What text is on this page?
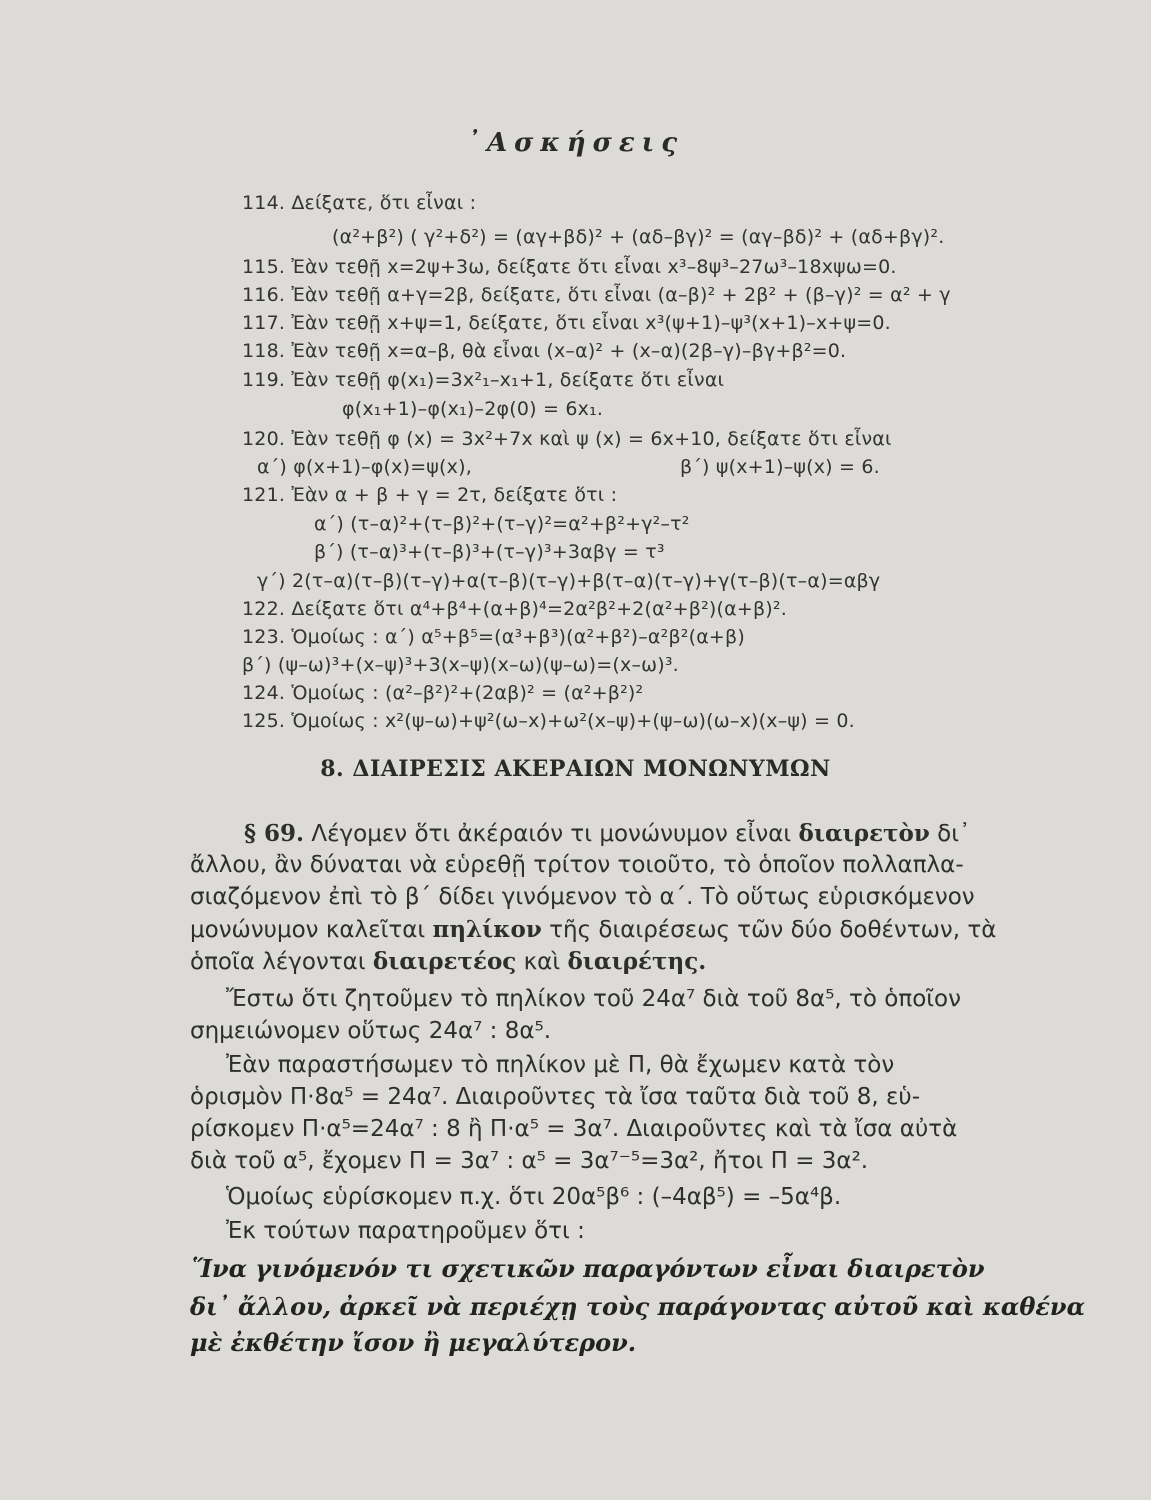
᾽Ασκήσεις
114. Δείξατε, ὅτι εἶναι :
(α²+β²) ( γ²+δ²) = (αγ+βδ)² + (αδ–βγ)² = (αγ–βδ)² + (αδ+βγ)².
115. Ἐὰν τεθῇ x=2ψ+3ω, δείξατε ὅτι εἶναι x³–8ψ³–27ω³–18xψω=0.
116. Ἐὰν τεθῇ α+γ=2β, δείξατε, ὅτι εἶναι (α–β)² + 2β² + (β–γ)² = α² + γ
117. Ἐὰν τεθῇ x+ψ=1, δείξατε, ὅτι εἶναι x³(ψ+1)–ψ³(x+1)–x+ψ=0.
118. Ἐὰν τεθῇ x=α–β, θὰ εἶναι (x–α)² + (x–α)(2β–γ)–βγ+β²=0.
119. Ἐὰν τεθῇ φ(x₁)=3x²₁–x₁+1, δείξατε ὅτι εἶναι
φ(x₁+1)–φ(x₁)–2φ(0) = 6x₁.
120. Ἐὰν τεθῇ φ (x) = 3x²+7x καὶ ψ (x) = 6x+10, δείξατε ὅτι εἶναι
α΄) φ(x+1)–φ(x)=ψ(x),	β΄) ψ(x+1)–ψ(x) = 6.
121. Ἐὰν α + β + γ = 2τ, δείξατε ὅτι :
α΄) (τ–α)²+(τ–β)²+(τ–γ)²=α²+β²+γ²–τ²
β΄) (τ–α)³+(τ–β)³+(τ–γ)³+3αβγ = τ³
γ΄) 2(τ–α)(τ–β)(τ–γ)+α(τ–β)(τ–γ)+β(τ–α)(τ–γ)+γ(τ–β)(τ–α)=αβγ
122. Δείξατε ὅτι α⁴+β⁴+(α+β)⁴=2α²β²+2(α²+β²)(α+β)².
123. Ὁμοίως : α΄) α⁵+β⁵=(α³+β³)(α²+β²)–α²β²(α+β)
β΄) (ψ–ω)³+(x–ψ)³+3(x–ψ)(x–ω)(ψ–ω)=(x–ω)³.
124. Ὁμοίως : (α²–β²)²+(2αβ)² = (α²+β²)²
125. Ὁμοίως : x²(ψ–ω)+ψ²(ω–x)+ω²(x–ψ)+(ψ–ω)(ω–x)(x–ψ) = 0.
8. ΔΙΑΙΡΕΣΙΣ ΑΚΕΡΑΙΩΝ ΜΟΝΩΝΥΜΩΝ
§ 69. Λέγομεν ὅτι ἀκέραιόν τι μονώνυμον εἶναι διαιρετὸν δι᾽
ἄλλου, ἂν δύναται νὰ εὑρεθῇ τρίτον τοιοῦτο, τὸ ὁποῖον πολλαπλα-
σιαζόμενον ἐπὶ τὸ β΄ δίδει γινόμενον τὸ α΄. Τὸ οὕτως εὑρισκόμενον
μονώνυμον καλεῖται πηλίκον τῆς διαιρέσεως τῶν δύο δοθέντων, τὰ
ὁποῖα λέγονται διαιρετέος καὶ διαιρέτης.
Ἔστω ὅτι ζητοῦμεν τὸ πηλίκον τοῦ 24α⁷ διὰ τοῦ 8α⁵, τὸ ὁποῖον
σημειώνομεν οὕτως 24α⁷ : 8α⁵.
Ἐὰν παραστήσωμεν τὸ πηλίκον μὲ Π, θὰ ἔχωμεν κατὰ τὸν
ὁρισμὸν Π·8α⁵ = 24α⁷. Διαιροῦντες τὰ ἴσα ταῦτα διὰ τοῦ 8, εὑ-
ρίσκομεν Π·α⁵=24α⁷ : 8 ἢ Π·α⁵ = 3α⁷. Διαιροῦντες καὶ τὰ ἴσα αὐτὰ
διὰ τοῦ α⁵, ἔχομεν Π = 3α⁷ : α⁵ = 3α⁷⁻⁵=3α², ἤτοι Π = 3α².
Ὁμοίως εὑρίσκομεν π.χ. ὅτι 20α⁵β⁶ : (–4αβ⁵) = –5α⁴β.
Ἐκ τούτων παρατηροῦμεν ὅτι :
Ἵνα γινόμενόν τι σχετικῶν παραγόντων εἶναι διαιρετὸν
δι᾽ ἄλλου, ἀρκεῖ νὰ περιέχῃ τοὺς παράγοντας αὐτοῦ καὶ καθένα
μὲ ἐκθέτην ἴσον ἢ μεγαλύτερον.
